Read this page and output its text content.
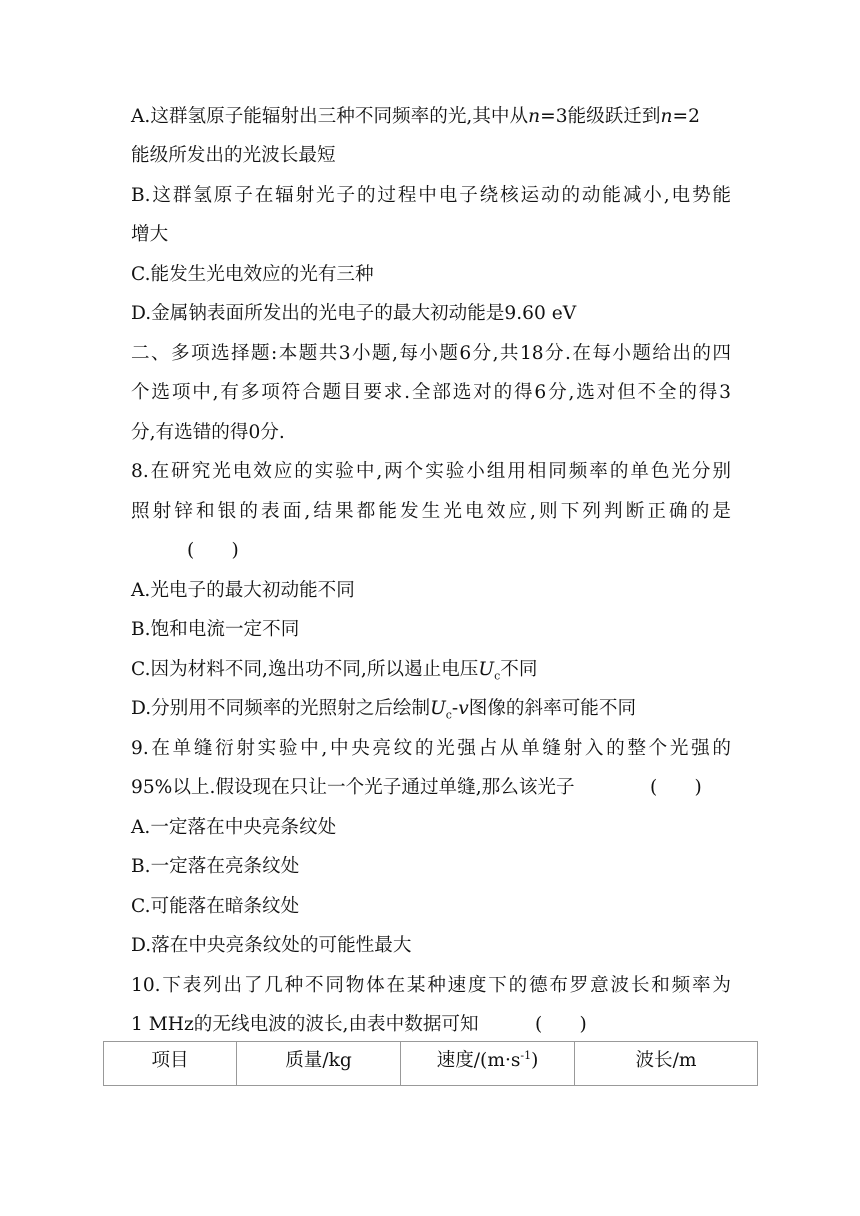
A.这群氢原子能辐射出三种不同频率的光,其中从n=3能级跃迁到n=2
能级所发出的光波长最短
B.这群氢原子在辐射光子的过程中电子绕核运动的动能减小,电势能
增大
C.能发生光电效应的光有三种
D.金属钠表面所发出的光电子的最大初动能是9.60 eV
二、多项选择题:本题共3小题,每小题6分,共18分.在每小题给出的四
个选项中,有多项符合题目要求.全部选对的得6分,选对但不全的得3
分,有选错的得0分.
8.在研究光电效应的实验中,两个实验小组用相同频率的单色光分别
照射锌和银的表面,结果都能发生光电效应,则下列判断正确的是
(　　)
A.光电子的最大初动能不同
B.饱和电流一定不同
C.因为材料不同,逸出功不同,所以遏止电压$U_c$不同
D.分别用不同频率的光照射之后绘制$U_c-v$图像的斜率可能不同
9.在单缝衍射实验中,中央亮纹的光强占从单缝射入的整个光强的
95%以上.假设现在只让一个光子通过单缝,那么该光子	(　　)
A.一定落在中央亮条纹处
B.一定落在亮条纹处
C.可能落在暗条纹处
D.落在中央亮条纹处的可能性最大
10.下表列出了几种不同物体在某种速度下的德布罗意波长和频率为
1 MHz的无线电波的波长,由表中数据可知	(　　)
项目	质量/kg	速度$/(m\cdot s^{-1})$	波长/m
